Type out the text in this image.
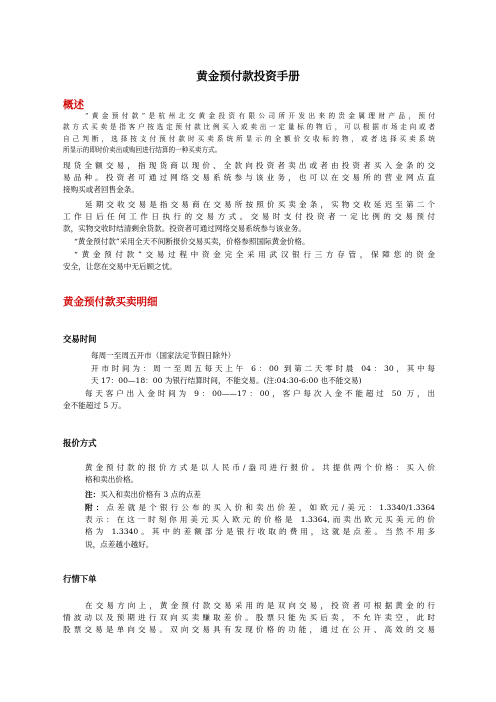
黄金预付款投资手册
概述
“黄金预付款”是杭州北交黄金投资有限公司所开发出来的贵金属理财产品，预付
款方式买卖是指客户按选定预付款比例买入或卖出一定量标的物后，可以根据市场走向或者
自己判断，选择按支付预付款时买卖系统所显示的全额价交收标的物，或者选择买卖系统
所显示的即时价卖出或购回进行结算的一种买卖方式。
现货全额交易，指现货商以现价、全款向投资者卖出或者由投资者买入金条的交
易品种。投资者可通过网络交易系统参与该业务，也可以在交易所的营业网点直
接购买或者回售金条。
延期交收交易是指交易商在交易所按照价买卖金条，实物交收延迟至第二个
工作日后任何工作日执行的交易方式。交易时支付投资者一定比例的交易预付
款，实物交收时结清剩余货款。投资者可通过网络交易系统参与该业务。
“黄金预付款”采用全天不间断报价交易买卖，价格参照国际黄金价格。
“黄金预付款”交易过程中资金完全采用武汉银行三方存管，保障您的资金
安全，让您在交易中无后顾之忧。
黄金预付款买卖明细
交易时间
每周一至周五开市（国家法定节假日除外）
开市时间为：周一至周五每天上午 6：00 到第二天零时晨 04：30，其中每
天 17：00—18：00 为银行结算时间，不能交易。(注:04:30-6:00 也不能交易)
每天客户出入金时间为 9：00——17：00，客户每次入金不能超过 50 万，出
金不能超过 5 万。
报价方式
黄金预付款的报价方式是以人民币/盎司进行报价。共提供两个价格：买入价
格和卖出价格。
注：买入和卖出价格有 3 点的点差
附：点差就是个银行公布的买入价和卖出价差，如欧元/美元：1.3340/1.3364
表示：在这一时刻你用美元买入欧元的价格是 1.3364,而卖出欧元买美元的价
格为 1.3340。其中的差额部分是银行收取的费用，这就是点差。当然不用多
说，点差越小越好。
行情下单
在交易方向上，黄金预付款交易采用的是双向交易，投资者可根据黄金的行
情波动以及预期进行双向买卖赚取差价。股票只能先买后卖，不允许卖空，此时
股票交易是单向交易。双向交易具有发现价格的功能，通过在公开、高效的交易
